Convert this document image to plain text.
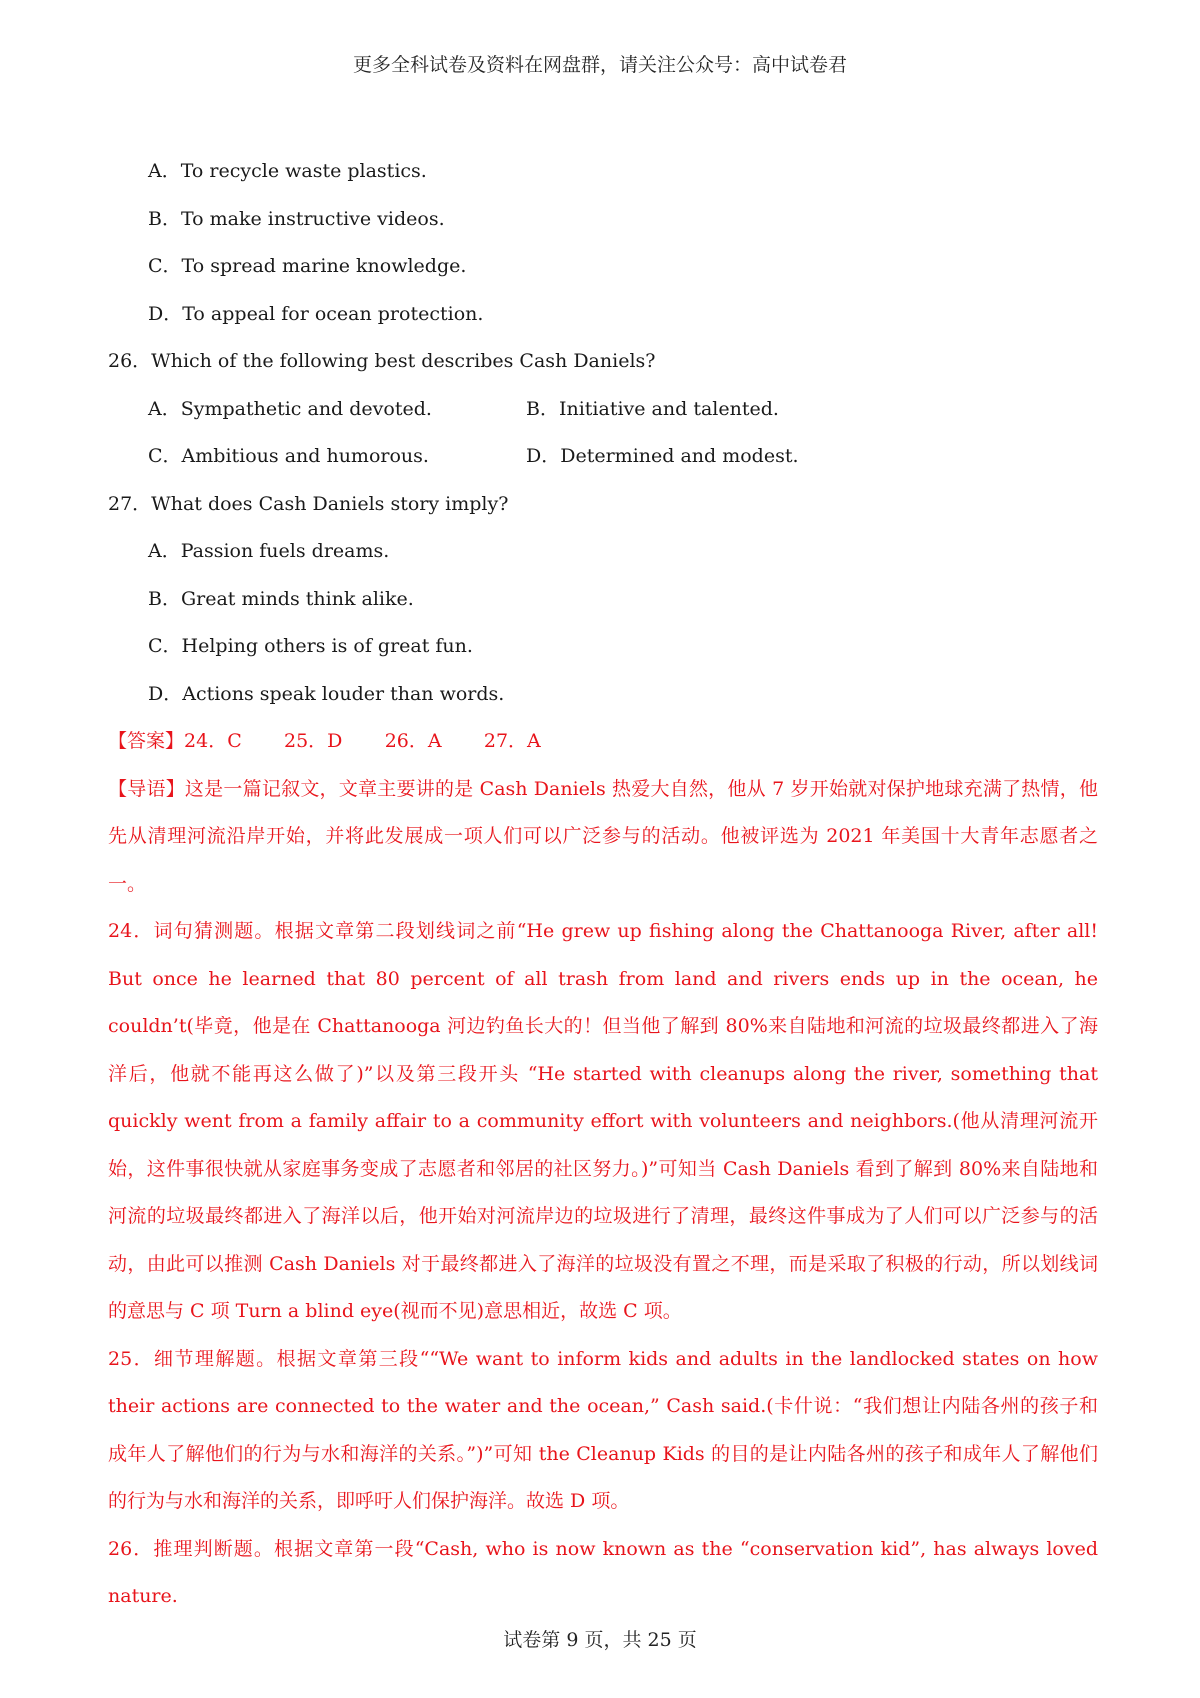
更多全科试卷及资料在网盘群，请关注公众号：高中试卷君
A．To recycle waste plastics.
B．To make instructive videos.
C．To spread marine knowledge.
D．To appeal for ocean protection.
26．Which of the following best describes Cash Daniels?
A．Sympathetic and devoted.	B．Initiative and talented.
C．Ambitious and humorous.	D．Determined and modest.
27．What does Cash Daniels story imply?
A．Passion fuels dreams.
B．Great minds think alike.
C．Helping others is of great fun.
D．Actions speak louder than words.
【答案】24．C       25．D       26．A       27．A
【导语】这是一篇记叙文，文章主要讲的是 Cash Daniels 热爱大自然，他从 7 岁开始就对保护地球充满了热情，他先从清理河流沿岸开始，并将此发展成一项人们可以广泛参与的活动。他被评选为 2021 年美国十大青年志愿者之一。
24．词句猜测题。根据文章第二段划线词之前“He grew up fishing along the Chattanooga River, after all! But once he learned that 80 percent of all trash from land and rivers ends up in the ocean, he couldn’t(毕竟，他是在 Chattanooga 河边钓鱼长大的！但当他了解到 80%来自陆地和河流的垃圾最终都进入了海洋后，他就不能再这么做了)”以及第三段开头 “He started with cleanups along the river, something that quickly went from a family affair to a community effort with volunteers and neighbors.(他从清理河流开始，这件事很快就从家庭事务变成了志愿者和邻居的社区努力。)”可知当 Cash Daniels 看到了解到 80%来自陆地和河流的垃圾最终都进入了海洋以后，他开始对河流岸边的垃圾进行了清理，最终这件事成为了人们可以广泛参与的活动，由此可以推测 Cash Daniels 对于最终都进入了海洋的垃圾没有置之不理，而是采取了积极的行动，所以划线词的意思与 C 项 Turn a blind eye(视而不见)意思相近，故选 C 项。
25．细节理解题。根据文章第三段““We want to inform kids and adults in the landlocked states on how their actions are connected to the water and the ocean,” Cash said.(卡什说：“我们想让内陆各州的孩子和成年人了解他们的行为与水和海洋的关系。”)”可知 the Cleanup Kids 的目的是让内陆各州的孩子和成年人了解他们的行为与水和海洋的关系，即呼吁人们保护海洋。故选 D 项。
26．推理判断题。根据文章第一段“Cash, who is now known as the “conservation kid”, has always loved nature.
试卷第 9 页，共 25 页
